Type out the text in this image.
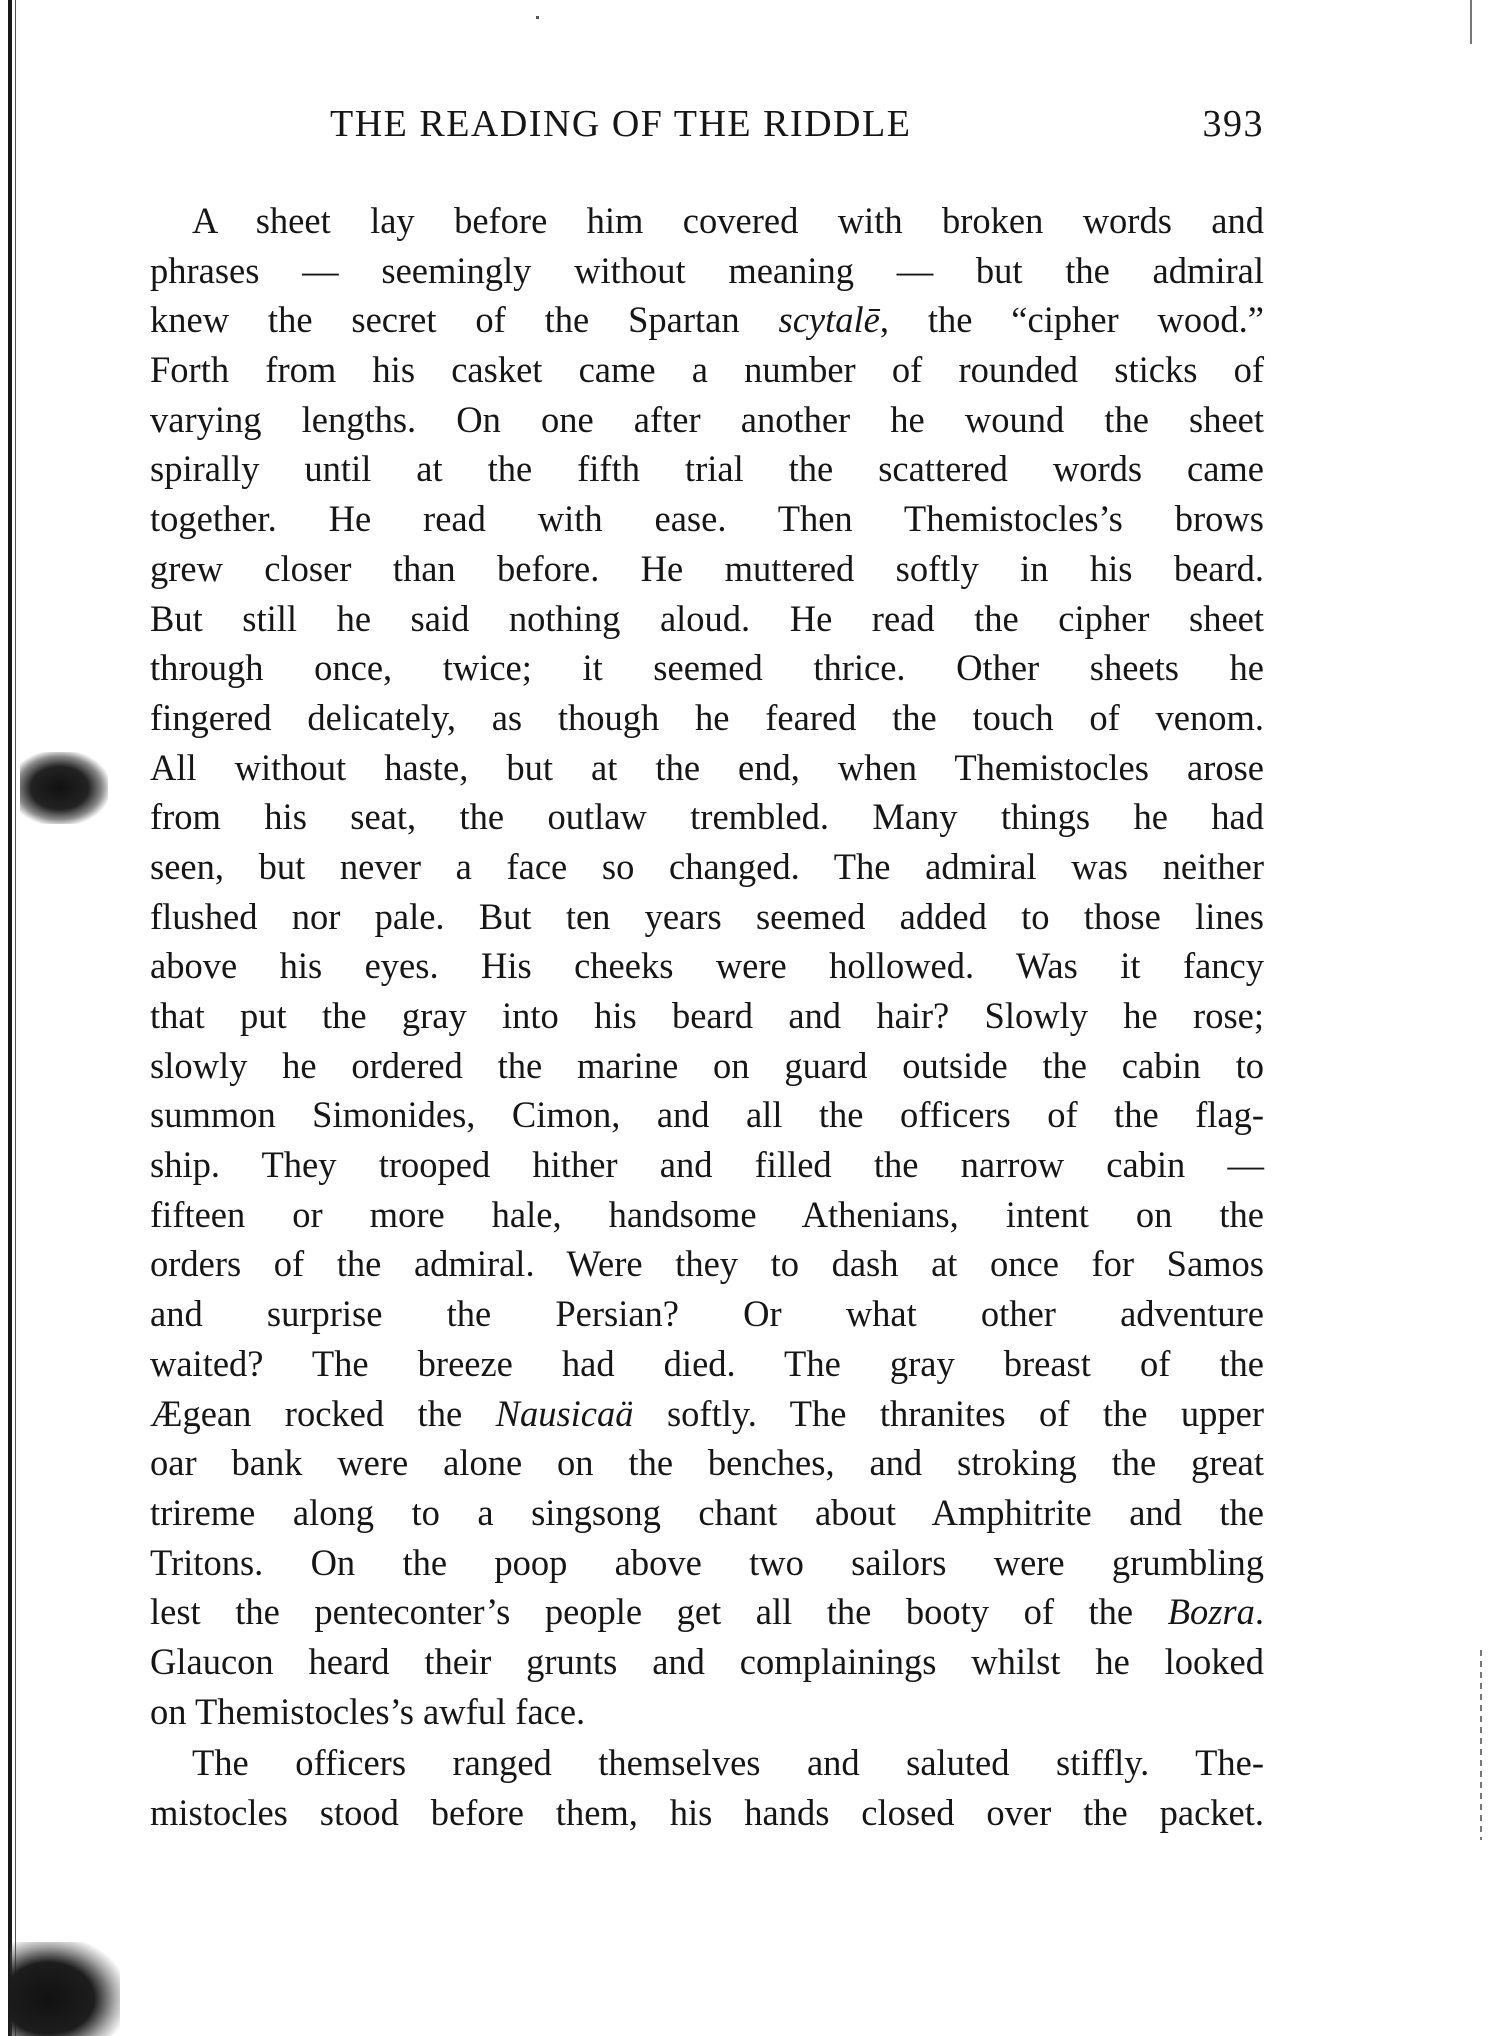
THE READING OF THE RIDDLE	393
A sheet lay before him covered with broken words and
phrases — seemingly without meaning — but the admiral
knew the secret of the Spartan scytalē, the “cipher wood.”
Forth from his casket came a number of rounded sticks of
varying lengths. On one after another he wound the sheet
spirally until at the fifth trial the scattered words came
together. He read with ease. Then Themistocles’s brows
grew closer than before. He muttered softly in his beard.
But still he said nothing aloud. He read the cipher sheet
through once, twice; it seemed thrice. Other sheets he
fingered delicately, as though he feared the touch of venom.
All without haste, but at the end, when Themistocles arose
from his seat, the outlaw trembled. Many things he had
seen, but never a face so changed. The admiral was neither
flushed nor pale. But ten years seemed added to those lines
above his eyes. His cheeks were hollowed. Was it fancy
that put the gray into his beard and hair? Slowly he rose;
slowly he ordered the marine on guard outside the cabin to
summon Simonides, Cimon, and all the officers of the flag-
ship. They trooped hither and filled the narrow cabin —
fifteen or more hale, handsome Athenians, intent on the
orders of the admiral. Were they to dash at once for Samos
and surprise the Persian? Or what other adventure
waited? The breeze had died. The gray breast of the
Ægean rocked the Nausicaä softly. The thranites of the upper
oar bank were alone on the benches, and stroking the great
trireme along to a singsong chant about Amphitrite and the
Tritons. On the poop above two sailors were grumbling
lest the penteconter’s people get all the booty of the Bozra.
Glaucon heard their grunts and complainings whilst he looked
on Themistocles’s awful face.
The officers ranged themselves and saluted stiffly. The-
mistocles stood before them, his hands closed over the packet.
